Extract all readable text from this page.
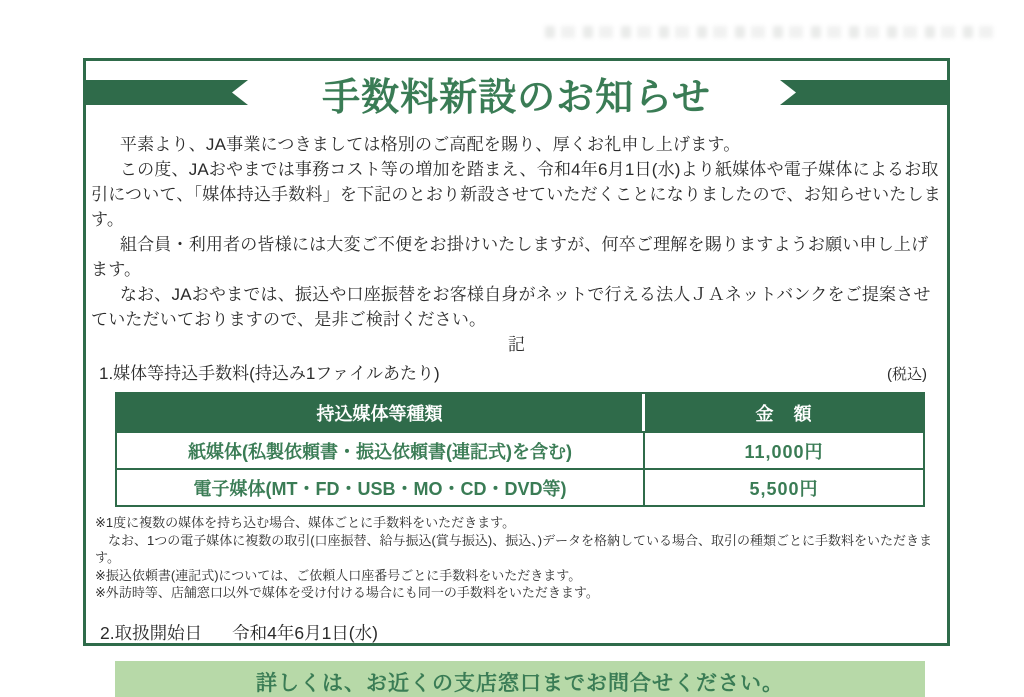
手数料新設のお知らせ

平素より、JA事業につきましては格別のご高配を賜り、厚くお礼申し上げます。

この度、JAおやまでは事務コスト等の増加を踏まえ、令和4年6月1日(水)より紙媒体や電子媒体によるお取引について、「媒体持込手数料」を下記のとおり新設させていただくことになりましたので、お知らせいたします。

組合員・利用者の皆様には大変ご不便をお掛けいたしますが、何卒ご理解を賜りますようお願い申し上げます。

なお、JAおやまでは、振込や口座振替をお客様自身がネットで行える法人ＪＡネットバンクをご提案させていただいておりますので、是非ご検討ください。

記
1.媒体等持込手数料(持込み1ファイルあたり)	(税込)
持込媒体等種類	金　額
紙媒体(私製依頼書・振込依頼書(連記式)を含む)	11,000円
電子媒体(MT・FD・USB・MO・CD・DVD等)	5,500円

※1度に複数の媒体を持ち込む場合、媒体ごとに手数料をいただきます。

　なお、1つの電子媒体に複数の取引(口座振替、給与振込(賞与振込)、振込、)データを格納している場合、取引の種類ごとに手数料をいただきます。

※振込依頼書(連記式)については、ご依頼人口座番号ごとに手数料をいただきます。

※外訪時等、店舗窓口以外で媒体を受け付ける場合にも同一の手数料をいただきます。

2.取扱開始日 令和4年6月1日(水)
詳しくは、お近くの支店窓口までお問合せください。
